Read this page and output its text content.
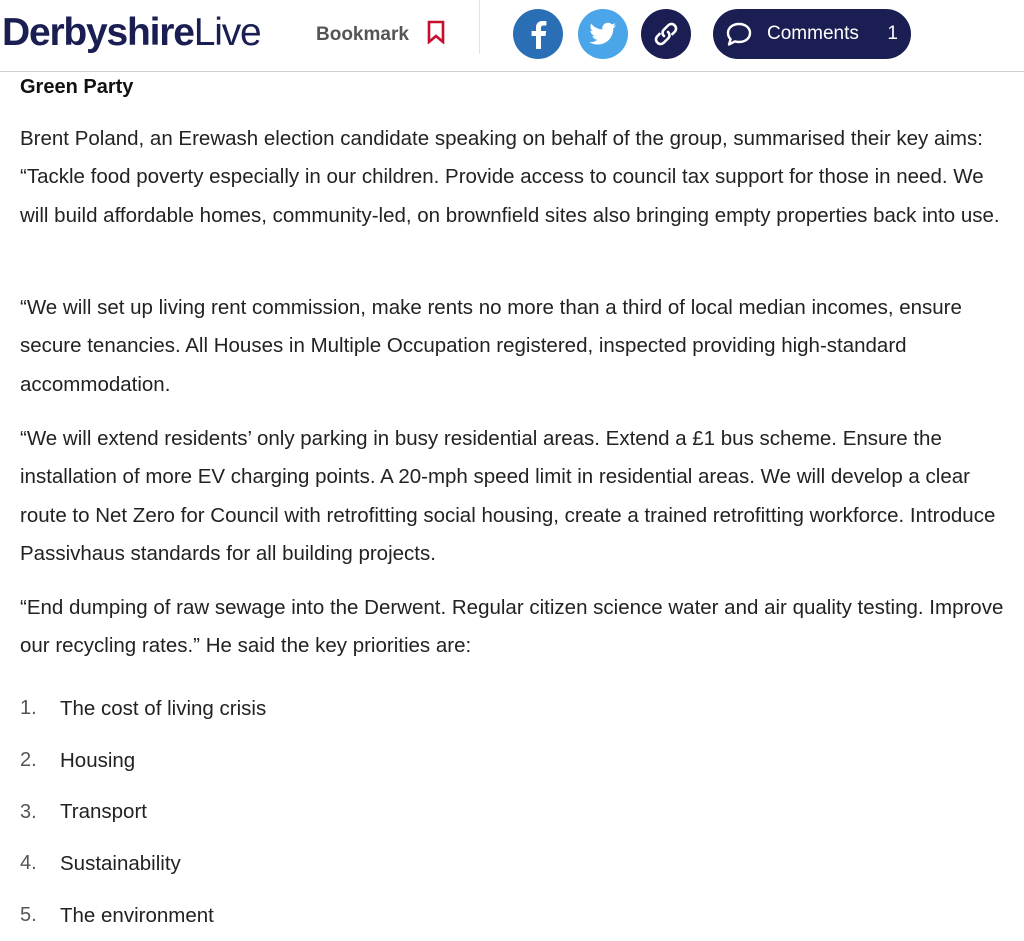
DerbyshireLive	Bookmark	Comments 1
Green Party

Brent Poland, an Erewash election candidate speaking on behalf of the group, summarised their key aims: “Tackle food poverty especially in our children. Provide access to council tax support for those in need. We will build affordable homes, community-led, on brownfield sites also bringing empty properties back into use.

“We will set up living rent commission, make rents no more than a third of local median incomes, ensure secure tenancies. All Houses in Multiple Occupation registered, inspected providing high-standard accommodation.

“We will extend residents’ only parking in busy residential areas. Extend a £1 bus scheme. Ensure the installation of more EV charging points. A 20-mph speed limit in residential areas. We will develop a clear route to Net Zero for Council with retrofitting social housing, create a trained retrofitting workforce. Introduce Passivhaus standards for all building projects.

“End dumping of raw sewage into the Derwent. Regular citizen science water and air quality testing. Improve our recycling rates.” He said the key priorities are:

1.	The cost of living crisis
2.	Housing
3.	Transport
4.	Sustainability
5.	The environment
